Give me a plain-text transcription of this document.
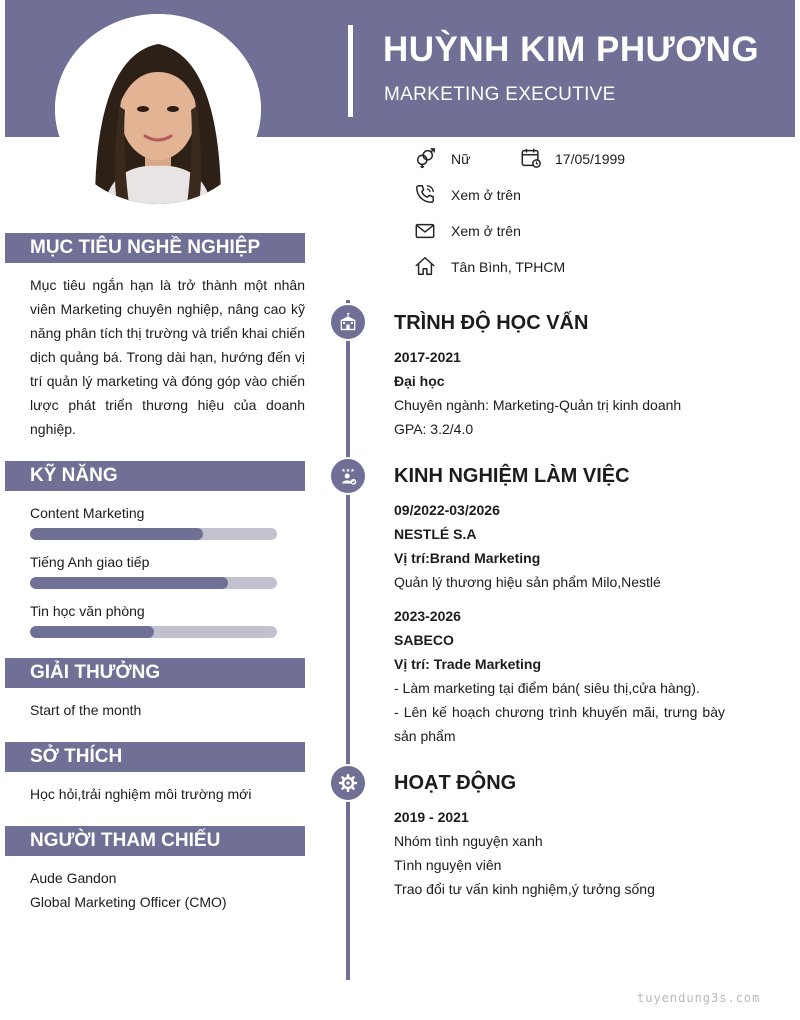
HUỲNH KIM PHƯƠNG
MARKETING EXECUTIVE
Nữ	17/05/1999
Xem ở trên
Xem ở trên
Tân Bình, TPHCM
MỤC TIÊU NGHỀ NGHIỆP
Mục tiêu ngắn hạn là trở thành một nhân viên Marketing chuyên nghiệp, nâng cao kỹ năng phân tích thị trường và triển khai chiến dịch quảng bá. Trong dài hạn, hướng đến vị trí quản lý marketing và đóng góp vào chiến lược phát triển thương hiệu của doanh nghiệp.
KỸ NĂNG
Content Marketing
Tiếng Anh giao tiếp
Tin học văn phòng
GIẢI THƯỞNG
Start of the month
SỞ THÍCH
Học hỏi,trải nghiệm môi trường mới
NGƯỜI THAM CHIẾU
Aude Gandon
Global Marketing Officer (CMO)
★★★
TRÌNH ĐỘ HỌC VẤN
2017-2021
Đại học
Chuyên ngành: Marketing-Quản trị kinh doanh
GPA: 3.2/4.0
KINH NGHIỆM LÀM VIỆC
09/2022-03/2026
NESTLÉ S.A
Vị trí:Brand Marketing
Quản lý thương hiệu sản phẩm Milo,Nestlé
2023-2026
SABECO
Vị trí: Trade Marketing
- Làm marketing tại điểm bán( siêu thị,cửa hàng).
- Lên kế hoạch chương trình khuyến mãi, trưng bày
sản phẩm
HOẠT ĐỘNG
2019 - 2021
Nhóm tình nguyện xanh
Tình nguyện viên
Trao đổi tư vấn kinh nghiệm,ý tưởng sống
tuyendung3s.com
